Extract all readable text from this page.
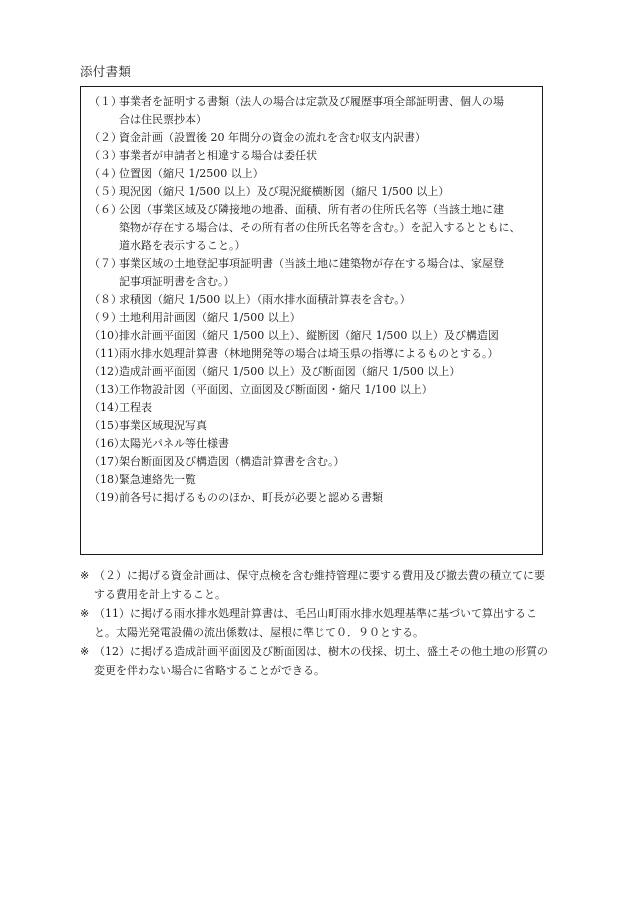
添付書類
（１）
事業者を証明する書類（法人の場合は定款及び履歴事項全部証明書、個人の場
合は住民票抄本）
（２）
資金計画（設置後 20 年間分の資金の流れを含む収支内訳書）
（３）
事業者が申請者と相違する場合は委任状
（４）
位置図（縮尺 1/2500 以上）
（５）
現況図（縮尺 1/500 以上）及び現況縦横断図（縮尺 1/500 以上）
（６）
公図（事業区域及び隣接地の地番、面積、所有者の住所氏名等（当該土地に建
築物が存在する場合は、その所有者の住所氏名等を含む。）を記入するとともに、
道水路を表示すること。）
（７）
事業区域の土地登記事項証明書（当該土地に建築物が存在する場合は、家屋登
記事項証明書を含む。）
（８）
求積図（縮尺 1/500 以上）（雨水排水面積計算表を含む。）
（９）
土地利用計画図（縮尺 1/500 以上）
（10）
排水計画平面図（縮尺 1/500 以上）、縦断図（縮尺 1/500 以上）及び構造図
（11）
雨水排水処理計算書（林地開発等の場合は埼玉県の指導によるものとする。）
（12）
造成計画平面図（縮尺 1/500 以上）及び断面図（縮尺 1/500 以上）
（13）
工作物設計図（平面図、立面図及び断面図・縮尺 1/100 以上）
（14）
工程表
（15）
事業区域現況写真
（16）
太陽光パネル等仕様書
（17）
架台断面図及び構造図（構造計算書を含む。）
（18）
緊急連絡先一覧
（19）
前各号に掲げるもののほか、町長が必要と認める書類
※ （２）に掲げる資金計画は、保守点検を含む維持管理に要する費用及び撤去費の積立てに要する費用を計上すること。
※ （11）に掲げる雨水排水処理計算書は、毛呂山町雨水排水処理基準に基づいて算出すること。太陽光発電設備の流出係数は、屋根に準じて０．９０とする。
※ （12）に掲げる造成計画平面図及び断面図は、樹木の伐採、切土、盛土その他土地の形質の変更を伴わない場合に省略することができる。
